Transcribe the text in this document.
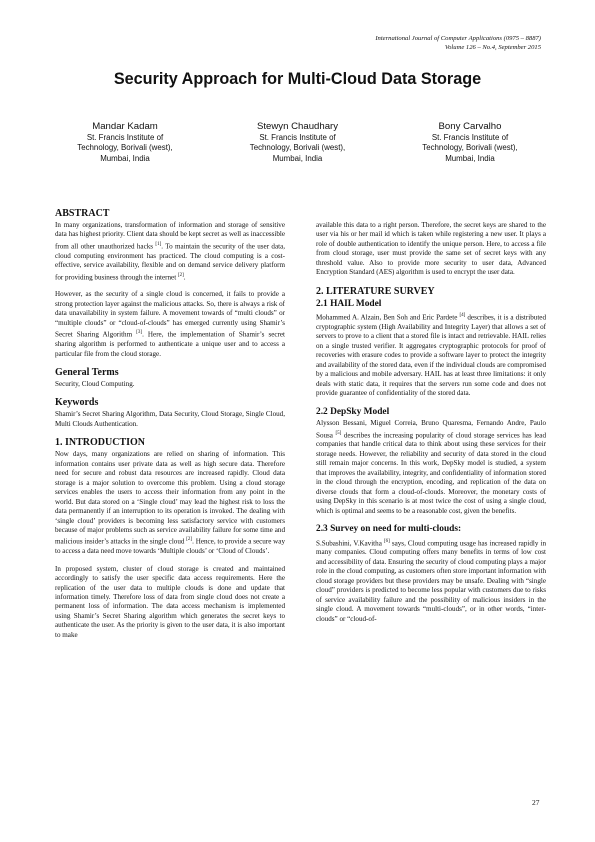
International Journal of Computer Applications (0975 – 8887)
Volume 126 – No.4, September 2015
Security Approach for Multi-Cloud Data Storage
Mandar Kadam
St. Francis Institute of
Technology, Borivali (west),
Mumbai, India
Stewyn Chaudhary
St. Francis Institute of
Technology, Borivali (west),
Mumbai, India
Bony Carvalho
St. Francis Institute of
Technology, Borivali (west),
Mumbai, India
ABSTRACT

In many organizations, transformation of information and storage of sensitive data has highest priority. Client data should be kept secret as well as inaccessible from all other unauthorized hacks [1]. To maintain the security of the user data, cloud computing environment has practiced. The cloud computing is a cost-effective, service availability, flexible and on demand service delivery platform for providing business through the internet [2].

However, as the security of a single cloud is concerned, it fails to provide a strong protection layer against the malicious attacks. So, there is always a risk of data unavailability in system failure. A movement towards of “multi clouds” or “multiple clouds” or “cloud-of-clouds” has emerged currently using Shamir’s Secret Sharing Algorithm [3]. Here, the implementation of Shamir’s secret sharing algorithm is performed to authenticate a unique user and to access a particular file from the cloud storage.

General Terms

Security, Cloud Computing.

Keywords

Shamir’s Secret Sharing Algorithm, Data Security, Cloud Storage, Single Cloud, Multi Clouds Authentication.

1. INTRODUCTION

Now days, many organizations are relied on sharing of information. This information contains user private data as well as high secure data. Therefore need for secure and robust data resources are increased rapidly. Cloud data storage is a major solution to overcome this problem. Using a cloud storage services enables the users to access their information from any point in the world. But data stored on a ‘Single cloud’ may lead the highest risk to loss the data permanently if an interruption to its operation is invoked. The dealing with ‘single cloud’ providers is becoming less satisfactory service with customers because of major problems such as service availability failure for some time and malicious insider’s attacks in the single cloud [2]. Hence, to provide a secure way to access a data need move towards ‘Multiple clouds’ or ‘Cloud of Clouds’.

In proposed system, cluster of cloud storage is created and maintained accordingly to satisfy the user specific data access requirements. Here the replication of the user data to multiple clouds is done and update that information timely. Therefore loss of data from single cloud does not create a permanent loss of information. The data access mechanism is implemented using Shamir’s Secret Sharing algorithm which generates the secret keys to authenticate the user. As the priority is given to the user data, it is also important to make

available this data to a right person. Therefore, the secret keys are shared to the user via his or her mail id which is taken while registering a new user. It plays a role of double authentication to identify the unique person. Here, to access a file from cloud storage, user must provide the same set of secret keys with any threshold value. Also to provide more security to user data, Advanced Encryption Standard (AES) algorithm is used to encrypt the user data.

2. LITERATURE SURVEY
2.1 HAIL Model

Mohammed A. Alzain, Ben Soh and Eric Pardete [4] describes, it is a distributed cryptographic system (High Availability and Integrity Layer) that allows a set of servers to prove to a client that a stored file is intact and retrievable. HAIL relies on a single trusted verifier. It aggregates cryptographic protocols for proof of recoveries with erasure codes to provide a software layer to protect the integrity and availability of the stored data, even if the individual clouds are compromised by a malicious and mobile adversary. HAIL has at least three limitations: it only deals with static data, it requires that the servers run some code and does not provide guarantee of confidentiality of the stored data.

2.2 DepSky Model

Alysson Bessani, Miguel Correia, Bruno Quaresma, Fernando Andre, Paulo Sousa [5] describes the increasing popularity of cloud storage services has lead companies that handle critical data to think about using these services for their storage needs. However, the reliability and security of data stored in the cloud still remain major concerns. In this work, DepSky model is studied, a system that improves the availability, integrity, and confidentiality of information stored in the cloud through the encryption, encoding, and replication of the data on diverse clouds that form a cloud-of-clouds. Moreover, the monetary costs of using DepSky in this scenario is at most twice the cost of using a single cloud, which is optimal and seems to be a reasonable cost, given the benefits.

2.3 Survey on need for multi-clouds:

S.Subashini, V.Kavitha [6] says, Cloud computing usage has increased rapidly in many companies. Cloud computing offers many benefits in terms of low cost and accessibility of data. Ensuring the security of cloud computing plays a major role in the cloud computing, as customers often store important information with cloud storage providers but these providers may be unsafe. Dealing with “single cloud” providers is predicted to become less popular with customers due to risks of service availability failure and the possibility of malicious insiders in the single cloud. A movement towards “multi-clouds”, or in other words, “inter-clouds” or “cloud-of-

27
